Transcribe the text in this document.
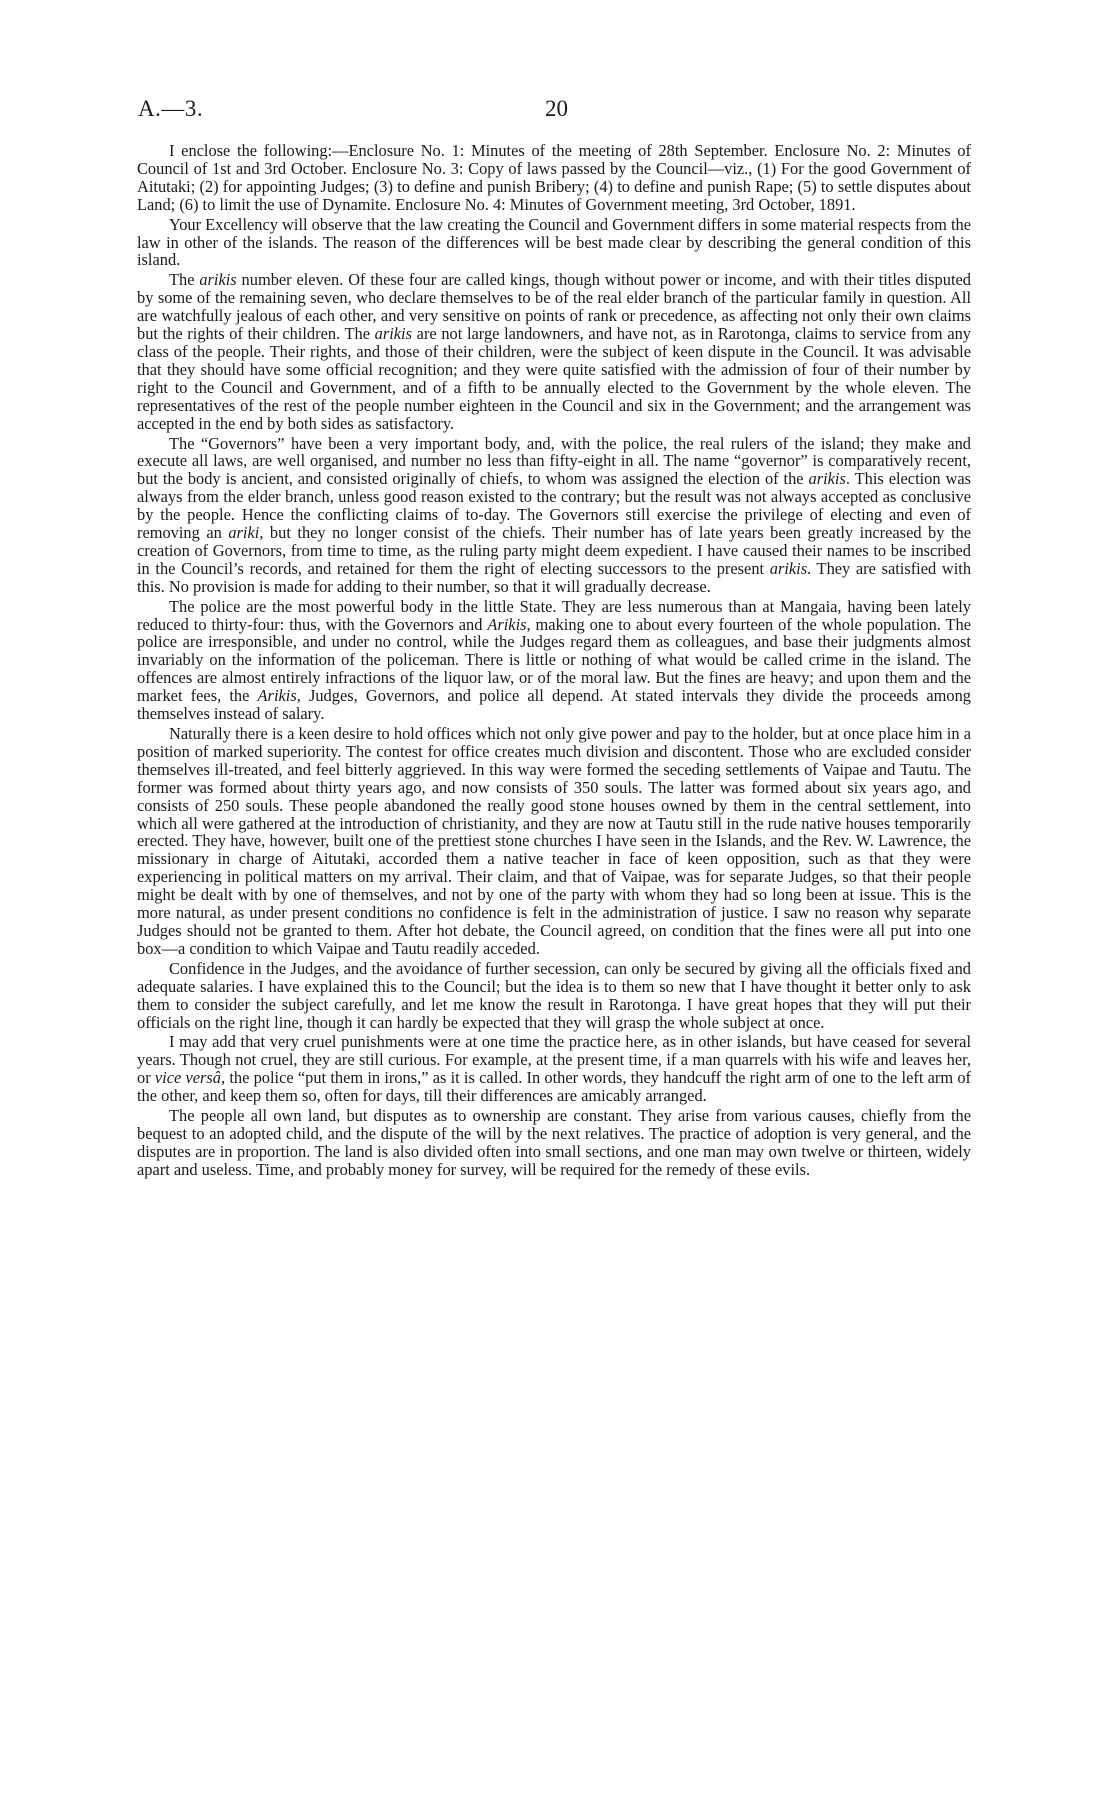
A.—3.	20

I enclose the following:—Enclosure No. 1: Minutes of the meeting of 28th September. Enclosure No. 2: Minutes of Council of 1st and 3rd October. Enclosure No. 3: Copy of laws passed by the Council—viz., (1) For the good Government of Aitutaki; (2) for appointing Judges; (3) to define and punish Bribery; (4) to define and punish Rape; (5) to settle disputes about Land; (6) to limit the use of Dynamite. Enclosure No. 4: Minutes of Government meeting, 3rd October, 1891.

Your Excellency will observe that the law creating the Council and Government differs in some material respects from the law in other of the islands. The reason of the differences will be best made clear by describing the general condition of this island.

The arikis number eleven. Of these four are called kings, though without power or income, and with their titles disputed by some of the remaining seven, who declare themselves to be of the real elder branch of the particular family in question. All are watchfully jealous of each other, and very sensitive on points of rank or precedence, as affecting not only their own claims but the rights of their children. The arikis are not large landowners, and have not, as in Rarotonga, claims to service from any class of the people. Their rights, and those of their children, were the subject of keen dispute in the Council. It was advisable that they should have some official recognition; and they were quite satisfied with the admission of four of their number by right to the Council and Government, and of a fifth to be annually elected to the Government by the whole eleven. The representatives of the rest of the people number eighteen in the Council and six in the Government; and the arrangement was accepted in the end by both sides as satisfactory.

The “Governors” have been a very important body, and, with the police, the real rulers of the island; they make and execute all laws, are well organised, and number no less than fifty-eight in all. The name “governor” is comparatively recent, but the body is ancient, and consisted originally of chiefs, to whom was assigned the election of the arikis. This election was always from the elder branch, unless good reason existed to the contrary; but the result was not always accepted as conclusive by the people. Hence the conflicting claims of to-day. The Governors still exercise the privilege of electing and even of removing an ariki, but they no longer consist of the chiefs. Their number has of late years been greatly increased by the creation of Governors, from time to time, as the ruling party might deem expedient. I have caused their names to be inscribed in the Council’s records, and retained for them the right of electing successors to the present arikis. They are satisfied with this. No provision is made for adding to their number, so that it will gradually decrease.

The police are the most powerful body in the little State. They are less numerous than at Mangaia, having been lately reduced to thirty-four: thus, with the Governors and Arikis, making one to about every fourteen of the whole population. The police are irresponsible, and under no control, while the Judges regard them as colleagues, and base their judgments almost invariably on the information of the policeman. There is little or nothing of what would be called crime in the island. The offences are almost entirely infractions of the liquor law, or of the moral law. But the fines are heavy; and upon them and the market fees, the Arikis, Judges, Governors, and police all depend. At stated intervals they divide the proceeds among themselves instead of salary.

Naturally there is a keen desire to hold offices which not only give power and pay to the holder, but at once place him in a position of marked superiority. The contest for office creates much division and discontent. Those who are excluded consider themselves ill-treated, and feel bitterly aggrieved. In this way were formed the seceding settlements of Vaipae and Tautu. The former was formed about thirty years ago, and now consists of 350 souls. The latter was formed about six years ago, and consists of 250 souls. These people abandoned the really good stone houses owned by them in the central settlement, into which all were gathered at the introduction of christianity, and they are now at Tautu still in the rude native houses temporarily erected. They have, however, built one of the prettiest stone churches I have seen in the Islands, and the Rev. W. Lawrence, the missionary in charge of Aitutaki, accorded them a native teacher in face of keen opposition, such as that they were experiencing in political matters on my arrival. Their claim, and that of Vaipae, was for separate Judges, so that their people might be dealt with by one of themselves, and not by one of the party with whom they had so long been at issue. This is the more natural, as under present conditions no confidence is felt in the administration of justice. I saw no reason why separate Judges should not be granted to them. After hot debate, the Council agreed, on condition that the fines were all put into one box—a condition to which Vaipae and Tautu readily acceded.

Confidence in the Judges, and the avoidance of further secession, can only be secured by giving all the officials fixed and adequate salaries. I have explained this to the Council; but the idea is to them so new that I have thought it better only to ask them to consider the subject carefully, and let me know the result in Rarotonga. I have great hopes that they will put their officials on the right line, though it can hardly be expected that they will grasp the whole subject at once.

I may add that very cruel punishments were at one time the practice here, as in other islands, but have ceased for several years. Though not cruel, they are still curious. For example, at the present time, if a man quarrels with his wife and leaves her, or vice versâ, the police “put them in irons,” as it is called. In other words, they handcuff the right arm of one to the left arm of the other, and keep them so, often for days, till their differences are amicably arranged.

The people all own land, but disputes as to ownership are constant. They arise from various causes, chiefly from the bequest to an adopted child, and the dispute of the will by the next relatives. The practice of adoption is very general, and the disputes are in proportion. The land is also divided often into small sections, and one man may own twelve or thirteen, widely apart and useless. Time, and probably money for survey, will be required for the remedy of these evils.
